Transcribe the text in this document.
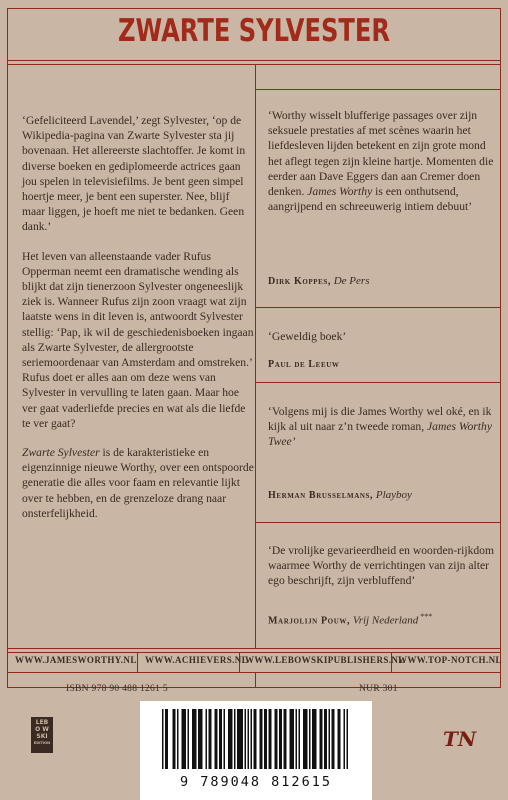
ZWARTE SYLVESTER

‘Gefeliciteerd Lavendel,’ zegt Sylvester, ‘op de Wikipedia-pagina van Zwarte Sylvester sta jij bovenaan. Het allereerste slachtoffer. Je komt in diverse boeken en gediplomeerde actrices gaan jou spelen in televisiefilms. Je bent geen simpel hoertje meer, je bent een superster. Nee, blijf maar liggen, je hoeft me niet te bedanken. Geen dank.’

Het leven van alleenstaande vader Rufus Opperman neemt een dramatische wending als blijkt dat zijn tienerzoon Sylvester ongeneeslijk ziek is. Wanneer Rufus zijn zoon vraagt wat zijn laatste wens in dit leven is, antwoordt Sylvester stellig: ‘Pap, ik wil de geschiedenisboeken ingaan als Zwarte Sylvester, de allergrootste seriemoordenaar van Amsterdam and omstreken.’ Rufus doet er alles aan om deze wens van Sylvester in vervulling te laten gaan. Maar hoe ver gaat vaderliefde precies en wat als die liefde te ver gaat?

Zwarte Sylvester is de karakteristieke en eigenzinnige nieuwe Worthy, over een ontspoorde generatie die alles voor faam en relevantie lijkt over te hebben, en de grenzeloze drang naar onsterfelijkheid.

‘Worthy wisselt blufferige passages over zijn seksuele prestaties af met scènes waarin het liefdesleven lijden betekent en zijn grote mond het aflegt tegen zijn kleine hartje. Momenten die eerder aan Dave Eggers dan aan Cremer doen denken. James Worthy is een onthutsend, aangrijpend en schreeuwerig intiem debuut’
Dirk Koppes, De Pers
‘Geweldig boek’
Paul de Leeuw
‘Volgens mij is die James Worthy wel oké, en ik kijk al uit naar z’n tweede roman, James Worthy Twee’
Herman Brusselmans, Playboy
‘De vrolijke gevarieerdheid en woorden-rijkdom waarmee Worthy de verrichtingen van zijn alter ego beschrijft, zijn verbluffend’
Marjolijn Pouw, Vrij Nederland ***
WWW.JAMESWORTHY.NL WWW.ACHIEVERS.NL
WWW.LEBOWSKIPUBLISHERS.NL
WWW.TOP-NOTCH.NL
ISBN 978 90 488 1261 5	NUR 301
9 789048 812615
LEBO WSKI
EDITION	TN
